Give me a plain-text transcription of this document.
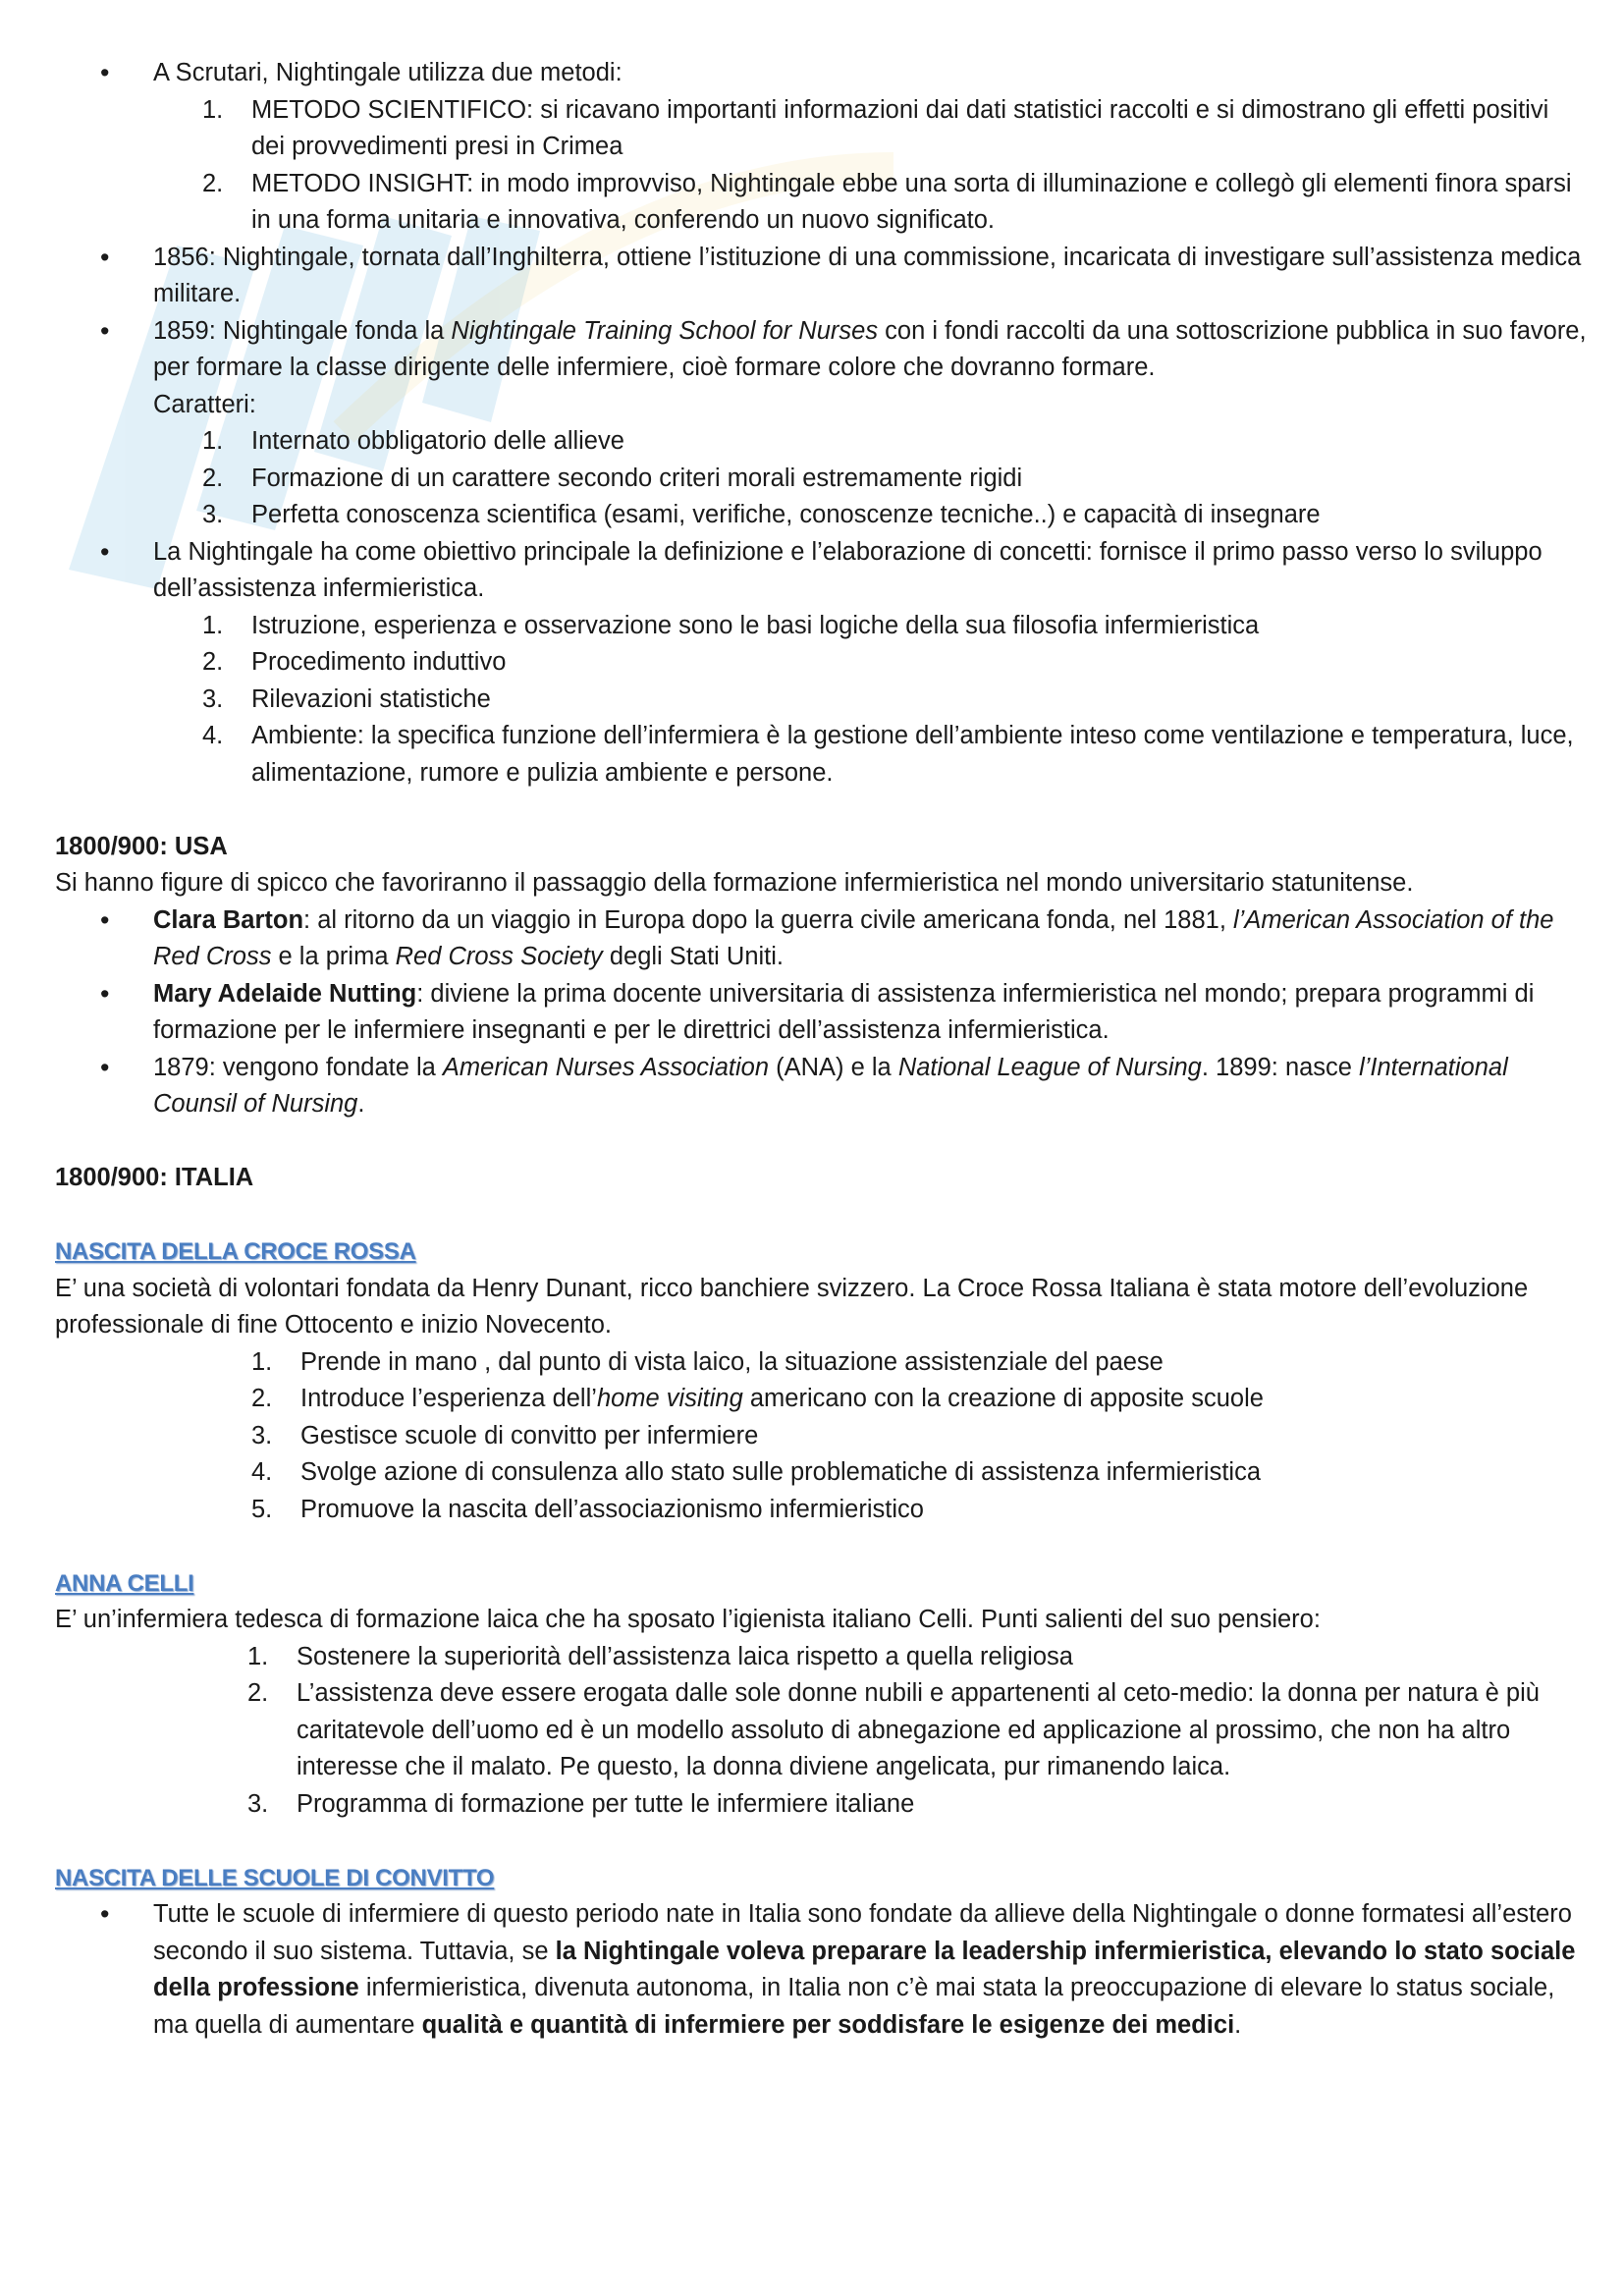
• A Scrutari, Nightingale utilizza due metodi:
1. METODO SCIENTIFICO: si ricavano importanti informazioni dai dati statistici raccolti e si dimostrano gli effetti positivi dei provvedimenti presi in Crimea
2. METODO INSIGHT: in modo improvviso, Nightingale ebbe una sorta di illuminazione e collegò gli elementi finora sparsi in una forma unitaria e innovativa, conferendo un nuovo significato.
• 1856: Nightingale, tornata dall’Inghilterra, ottiene l’istituzione di una commissione, incaricata di investigare sull’assistenza medica militare.
• 1859: Nightingale fonda la Nightingale Training School for Nurses con i fondi raccolti da una sottoscrizione pubblica in suo favore, per formare la classe dirigente delle infermiere, cioè formare colore che dovranno formare.
Caratteri:
1. Internato obbligatorio delle allieve
2. Formazione di un carattere secondo criteri morali estremamente rigidi
3. Perfetta conoscenza scientifica (esami, verifiche, conoscenze tecniche..) e capacità di insegnare
• La Nightingale ha come obiettivo principale la definizione e l’elaborazione di concetti: fornisce il primo passo verso lo sviluppo dell’assistenza infermieristica.
1. Istruzione, esperienza e osservazione sono le basi logiche della sua filosofia infermieristica
2. Procedimento induttivo
3. Rilevazioni statistiche
4. Ambiente: la specifica funzione dell’infermiera è la gestione dell’ambiente inteso come ventilazione e temperatura, luce, alimentazione, rumore e pulizia ambiente e persone.

1800/900: USA

Si hanno figure di spicco che favoriranno il passaggio della formazione infermieristica nel mondo universitario statunitense.

• Clara Barton: al ritorno da un viaggio in Europa dopo la guerra civile americana fonda, nel 1881, l’American Association of the Red Cross e la prima Red Cross Society degli Stati Uniti.
• Mary Adelaide Nutting: diviene la prima docente universitaria di assistenza infermieristica nel mondo; prepara programmi di formazione per le infermiere insegnanti e per le direttrici dell’assistenza infermieristica.
• 1879: vengono fondate la American Nurses Association (ANA) e la National League of Nursing. 1899: nasce l’International Counsil of Nursing.

1800/900: ITALIA

NASCITA DELLA CROCE ROSSA

E’ una società di volontari fondata da Henry Dunant, ricco banchiere svizzero. La Croce Rossa Italiana è stata motore dell’evoluzione professionale di fine Ottocento e inizio Novecento.

1. Prende in mano , dal punto di vista laico, la situazione assistenziale del paese
2. Introduce l’esperienza dell’home visiting americano con la creazione di apposite scuole
3. Gestisce scuole di convitto per infermiere
4. Svolge azione di consulenza allo stato sulle problematiche di assistenza infermieristica
5. Promuove la nascita dell’associazionismo infermieristico

ANNA CELLI

E’ un’infermiera tedesca di formazione laica che ha sposato l’igienista italiano Celli. Punti salienti del suo pensiero:

1. Sostenere la superiorità dell’assistenza laica rispetto a quella religiosa
2. L’assistenza deve essere erogata dalle sole donne nubili e appartenenti al ceto-medio: la donna per natura è più caritatevole dell’uomo ed è un modello assoluto di abnegazione ed applicazione al prossimo, che non ha altro interesse che il malato. Pe questo, la donna diviene angelicata, pur rimanendo laica.
3. Programma di formazione per tutte le infermiere italiane

NASCITA DELLE SCUOLE DI CONVITTO

• Tutte le scuole di infermiere di questo periodo nate in Italia sono fondate da allieve della Nightingale o donne formatesi all’estero secondo il suo sistema. Tuttavia, se la Nightingale voleva preparare la leadership infermieristica, elevando lo stato sociale della professione infermieristica, divenuta autonoma, in Italia non c’è mai stata la preoccupazione di elevare lo status sociale, ma quella di aumentare qualità e quantità di infermiere per soddisfare le esigenze dei medici.
